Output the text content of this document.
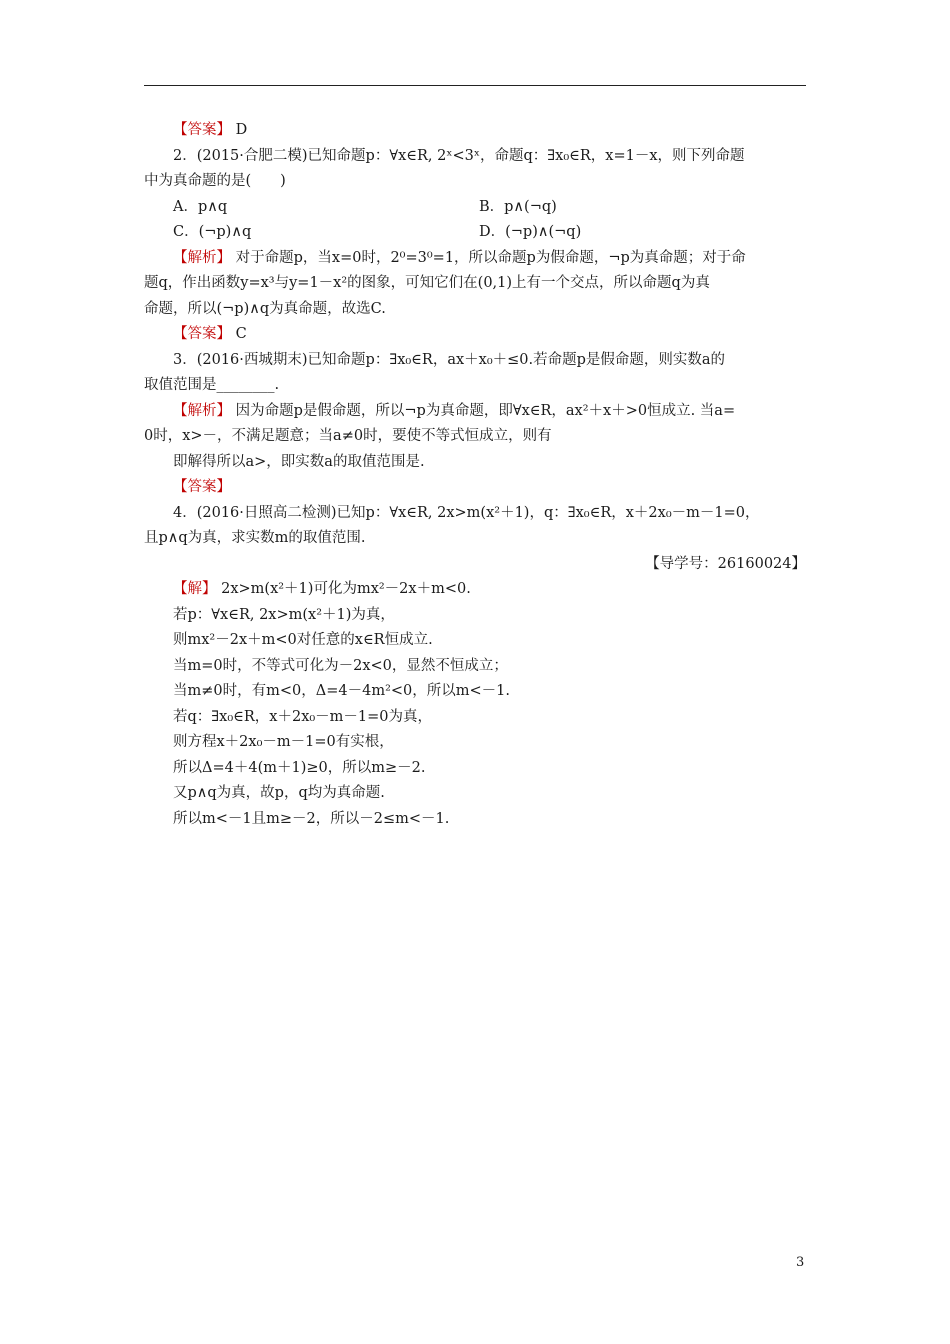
【答案】 D
2．(2015·合肥二模)已知命题p：∀x∈R, 2ˣ<3ˣ，命题q：∃x₀∈R，x=1－x，则下列命题
中为真命题的是(　　)
A．p∧q	B．p∧(¬q)
C．(¬p)∧q	D．(¬p)∧(¬q)
【解析】 对于命题p，当x=0时，2⁰=3⁰=1，所以命题p为假命题，¬p为真命题；对于命
题q，作出函数y=x³与y=1－x²的图象，可知它们在(0,1)上有一个交点，所以命题q为真
命题，所以(¬p)∧q为真命题，故选C.
【答案】 C
3．(2016·西城期末)已知命题p：∃x₀∈R，ax＋x₀＋≤0.若命题p是假命题，则实数a的
取值范围是________.
【解析】 因为命题p是假命题，所以¬p为真命题，即∀x∈R，ax²＋x＋>0恒成立. 当a=
0时，x>－，不满足题意；当a≠0时，要使不等式恒成立，则有
即解得所以a>，即实数a的取值范围是.
【答案】
4．(2016·日照高二检测)已知p：∀x∈R, 2x>m(x²＋1)，q：∃x₀∈R，x＋2x₀－m－1=0，
且p∧q为真，求实数m的取值范围.
【导学号：26160024】
【解】 2x>m(x²＋1)可化为mx²－2x＋m<0.
若p：∀x∈R, 2x>m(x²＋1)为真，
则mx²－2x＋m<0对任意的x∈R恒成立.
当m=0时，不等式可化为－2x<0，显然不恒成立；
当m≠0时，有m<0，Δ=4－4m²<0，所以m<－1.
若q：∃x₀∈R，x＋2x₀－m－1=0为真，
则方程x＋2x₀－m－1=0有实根，
所以Δ=4＋4(m＋1)≥0，所以m≥－2.
又p∧q为真，故p，q均为真命题.
所以m<－1且m≥－2，所以－2≤m<－1.
3
